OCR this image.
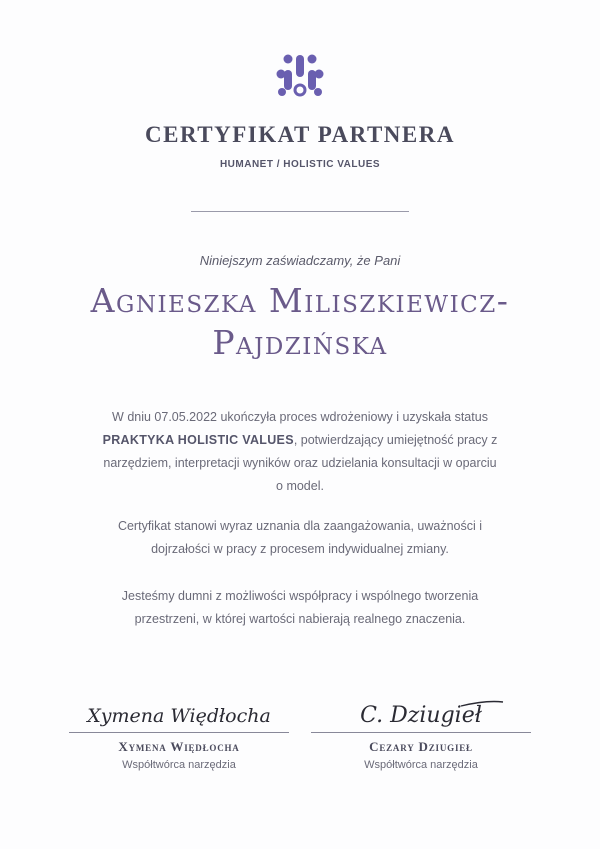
CERTYFIKAT PARTNERA
HUMANET / HOLISTIC VALUES
Niniejszym zaświadczamy, że Pani
Agnieszka Miliszkiewicz-
Pajdzińska
W dniu 07.05.2022 ukończyła proces wdrożeniowy i uzyskała status PRAKTYKA HOLISTIC VALUES, potwierdzający umiejętność pracy z narzędziem, interpretacji wyników oraz udzielania konsultacji w oparciu o model.
Certyfikat stanowi wyraz uznania dla zaangażowania, uważności i dojrzałości w pracy z procesem indywidualnej zmiany.
Jesteśmy dumni z możliwości współpracy i wspólnego tworzenia przestrzeni, w której wartości nabierają realnego znaczenia.
Xymena Więdłocha
Xymena Więdłocha
Współtwórca narzędzia
C. Dziugieł
Cezary Dziugieł
Współtwórca narzędzia
